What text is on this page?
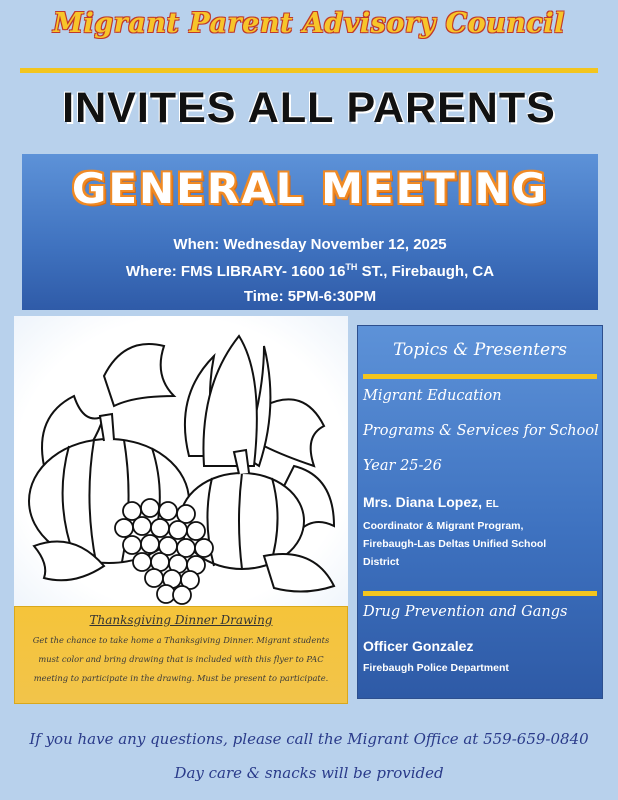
Migrant Parent Advisory Council
INVITES ALL PARENTS
GENERAL MEETING
When: Wednesday November 12, 2025
Where: FMS LIBRARY- 1600 16TH ST., Firebaugh, CA
Time: 5PM-6:30PM
Thanksgiving Dinner Drawing
Get the chance to take home a Thanksgiving Dinner. Migrant students must color and bring drawing that is included with this flyer to PAC meeting to participate in the drawing. Must be present to participate.
Topics & Presenters
Migrant Education
Programs & Services for School
Year 25-26
Mrs. Diana Lopez, EL
Coordinator & Migrant Program,
Firebaugh-Las Deltas Unified School
District
Drug Prevention and Gangs
Officer Gonzalez
Firebaugh Police Department
If you have any questions, please call the Migrant Office at 559-659-0840
Day care & snacks will be provided
